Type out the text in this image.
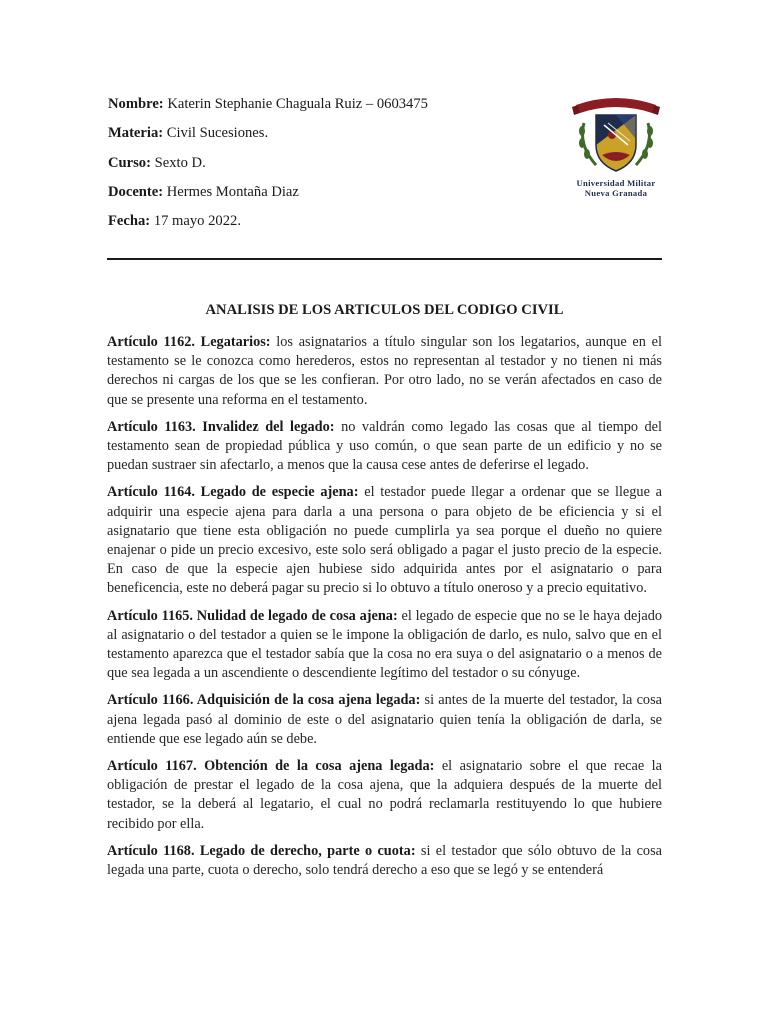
Nombre: Katerin Stephanie Chaguala Ruiz – 0603475
Materia: Civil Sucesiones.
Curso: Sexto D.
Docente: Hermes Montaña Diaz
Fecha: 17 mayo 2022.
Universidad Militar
Nueva Granada
ANALISIS DE LOS ARTICULOS DEL CODIGO CIVIL

Artículo 1162. Legatarios: los asignatarios a título singular son los legatarios, aunque en el testamento se le conozca como herederos, estos no representan al testador y no tienen ni más derechos ni cargas de los que se les confieran. Por otro lado, no se verán afectados en caso de que se presente una reforma en el testamento.

Artículo 1163. Invalidez del legado: no valdrán como legado las cosas que al tiempo del testamento sean de propiedad pública y uso común, o que sean parte de un edificio y no se puedan sustraer sin afectarlo, a menos que la causa cese antes de deferirse el legado.

Artículo 1164. Legado de especie ajena: el testador puede llegar a ordenar que se llegue a adquirir una especie ajena para darla a una persona o para objeto de be eficiencia y si el asignatario que tiene esta obligación no puede cumplirla ya sea porque el dueño no quiere enajenar o pide un precio excesivo, este solo será obligado a pagar el justo precio de la especie. En caso de que la especie ajen hubiese sido adquirida antes por el asignatario o para beneficencia, este no deberá pagar su precio si lo obtuvo a título oneroso y a precio equitativo.

Artículo 1165. Nulidad de legado de cosa ajena: el legado de especie que no se le haya dejado al asignatario o del testador a quien se le impone la obligación de darlo, es nulo, salvo que en el testamento aparezca que el testador sabía que la cosa no era suya o del asignatario o a menos de que sea legada a un ascendiente o descendiente legítimo del testador o su cónyuge.

Artículo 1166. Adquisición de la cosa ajena legada: si antes de la muerte del testador, la cosa ajena legada pasó al dominio de este o del asignatario quien tenía la obligación de darla, se entiende que ese legado aún se debe.

Artículo 1167. Obtención de la cosa ajena legada: el asignatario sobre el que recae la obligación de prestar el legado de la cosa ajena, que la adquiera después de la muerte del testador, se la deberá al legatario, el cual no podrá reclamarla restituyendo lo que hubiere recibido por ella.

Artículo 1168. Legado de derecho, parte o cuota: si el testador que sólo obtuvo de la cosa legada una parte, cuota o derecho, solo tendrá derecho a eso que se legó y se entenderá
